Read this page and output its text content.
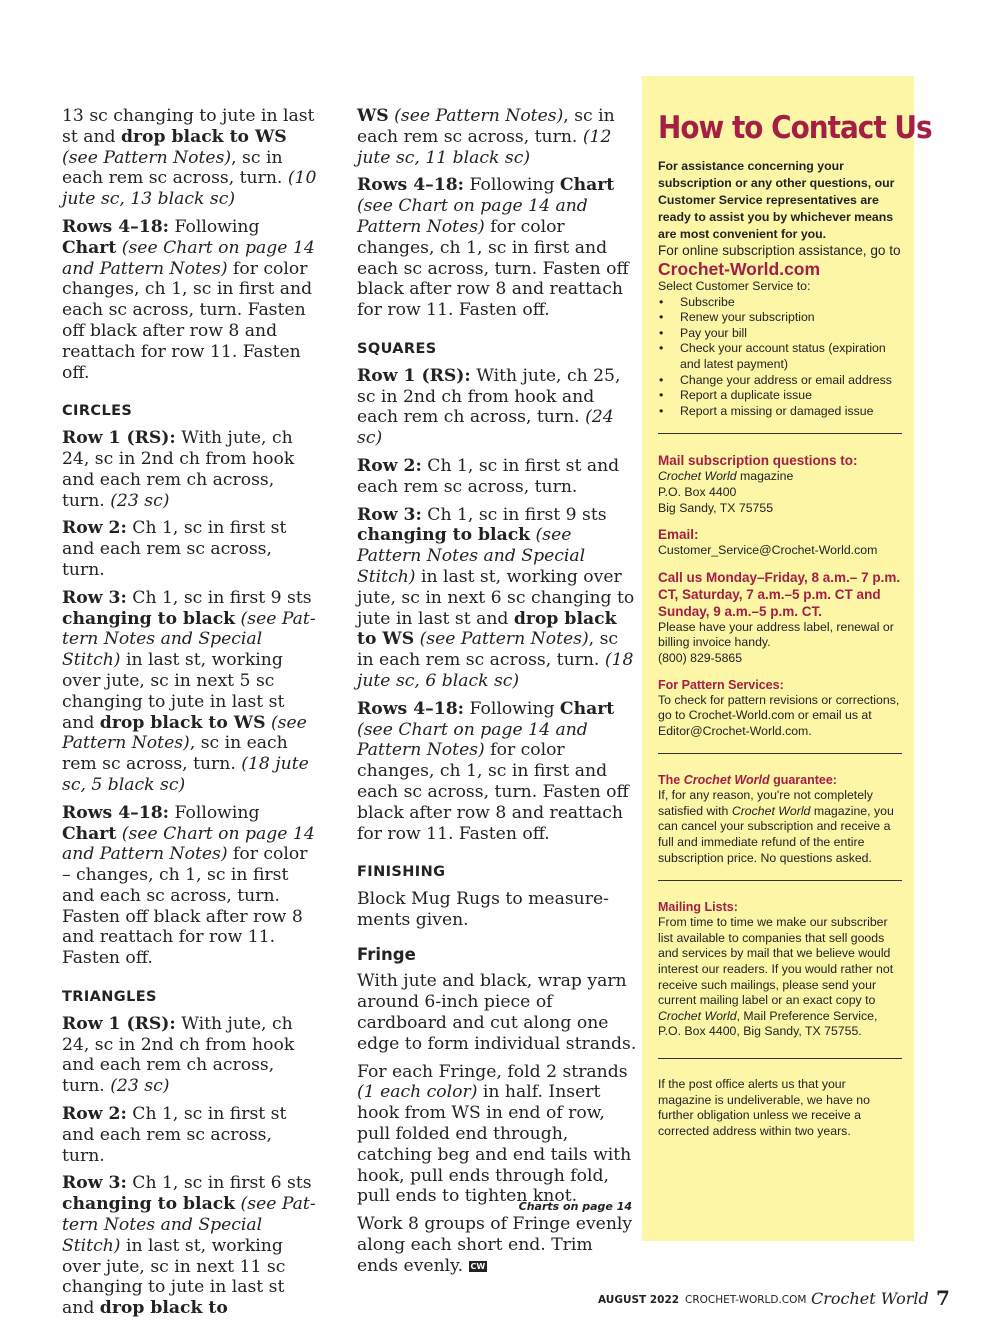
13 sc changing to jute in last st and drop black to WS (see Pattern Notes), sc in each rem sc across, turn. (10 jute sc, 13 black sc)

Rows 4–18: Following Chart (see Chart on page 14 and Pattern Notes) for color changes, ch 1, sc in first and each sc across, turn. Fasten off black after row 8 and reattach for row 11. Fasten off.

CIRCLES

Row 1 (RS): With jute, ch 24, sc in 2nd ch from hook and each rem ch across, turn. (23 sc)

Row 2: Ch 1, sc in first st and each rem sc across, turn.

Row 3: Ch 1, sc in first 9 sts changing to black (see Pat-tern Notes and Special Stitch) in last st, working over jute, sc in next 5 sc changing to jute in last st and drop black to WS (see Pattern Notes), sc in each rem sc across, turn. (18 jute sc, 5 black sc)

Rows 4–18: Following Chart (see Chart on page 14 and Pattern Notes) for color – changes, ch 1, sc in first and each sc across, turn. Fasten off black after row 8 and reattach for row 11. Fasten off.

TRIANGLES

Row 1 (RS): With jute, ch 24, sc in 2nd ch from hook and each rem ch across, turn. (23 sc)

Row 2: Ch 1, sc in first st and each rem sc across, turn.

Row 3: Ch 1, sc in first 6 sts changing to black (see Pat-tern Notes and Special Stitch) in last st, working over jute, sc in next 11 sc changing to jute in last st and drop black to

WS (see Pattern Notes), sc in each rem sc across, turn. (12 jute sc, 11 black sc)

Rows 4–18: Following Chart (see Chart on page 14 and Pattern Notes) for color changes, ch 1, sc in first and each sc across, turn. Fasten off black after row 8 and reattach for row 11. Fasten off.

SQUARES

Row 1 (RS): With jute, ch 25, sc in 2nd ch from hook and each rem ch across, turn. (24 sc)

Row 2: Ch 1, sc in first st and each rem sc across, turn.

Row 3: Ch 1, sc in first 9 sts changing to black (see Pattern Notes and Special Stitch) in last st, working over jute, sc in next 6 sc changing to jute in last st and drop black to WS (see Pattern Notes), sc in each rem sc across, turn. (18 jute sc, 6 black sc)

Rows 4–18: Following Chart (see Chart on page 14 and Pattern Notes) for color changes, ch 1, sc in first and each sc across, turn. Fasten off black after row 8 and reattach for row 11. Fasten off.

FINISHING

Block Mug Rugs to measure-ments given.

Fringe

With jute and black, wrap yarn around 6-inch piece of cardboard and cut along one edge to form individual strands.

For each Fringe, fold 2 strands (1 each color) in half. Insert hook from WS in end of row, pull folded end through, catching beg and end tails with hook, pull ends through fold, pull ends to tighten knot.

Work 8 groups of Fringe evenly along each short end. Trim ends evenly. CW

Charts on page 14
How to Contact Us

For assistance concerning your subscription or any other questions, our Customer Service representatives are ready to assist you by whichever means are most convenient for you.

For online subscription assistance, go to

Crochet-World.com

Select Customer Service to:

• Subscribe
• Renew your subscription
• Pay your bill
• Check your account status (expiration and latest payment)
• Change your address or email address
• Report a duplicate issue
• Report a missing or damaged issue

Mail subscription questions to:

Crochet World magazine

P.O. Box 4400

Big Sandy, TX 75755

Email:

Customer_Service@Crochet-World.com

Call us Monday–Friday, 8 a.m.– 7 p.m. CT, Saturday, 7 a.m.–5 p.m. CT and Sunday, 9 a.m.–5 p.m. CT.

Please have your address label, renewal or billing invoice handy.

(800) 829-5865

For Pattern Services:

To check for pattern revisions or corrections, go to Crochet-World.com or email us at Editor@Crochet-World.com.

The Crochet World guarantee:

If, for any reason, you're not completely satisfied with Crochet World magazine, you can cancel your subscription and receive a full and immediate refund of the entire subscription price. No questions asked.

Mailing Lists:

From time to time we make our subscriber list available to companies that sell goods and services by mail that we believe would interest our readers. If you would rather not receive such mailings, please send your current mailing label or an exact copy to Crochet World, Mail Preference Service, P.O. Box 4400, Big Sandy, TX 75755.

If the post office alerts us that your magazine is undeliverable, we have no further obligation unless we receive a corrected address within two years.

AUGUST 2022 CROCHET-WORLD.COM Crochet World 7
